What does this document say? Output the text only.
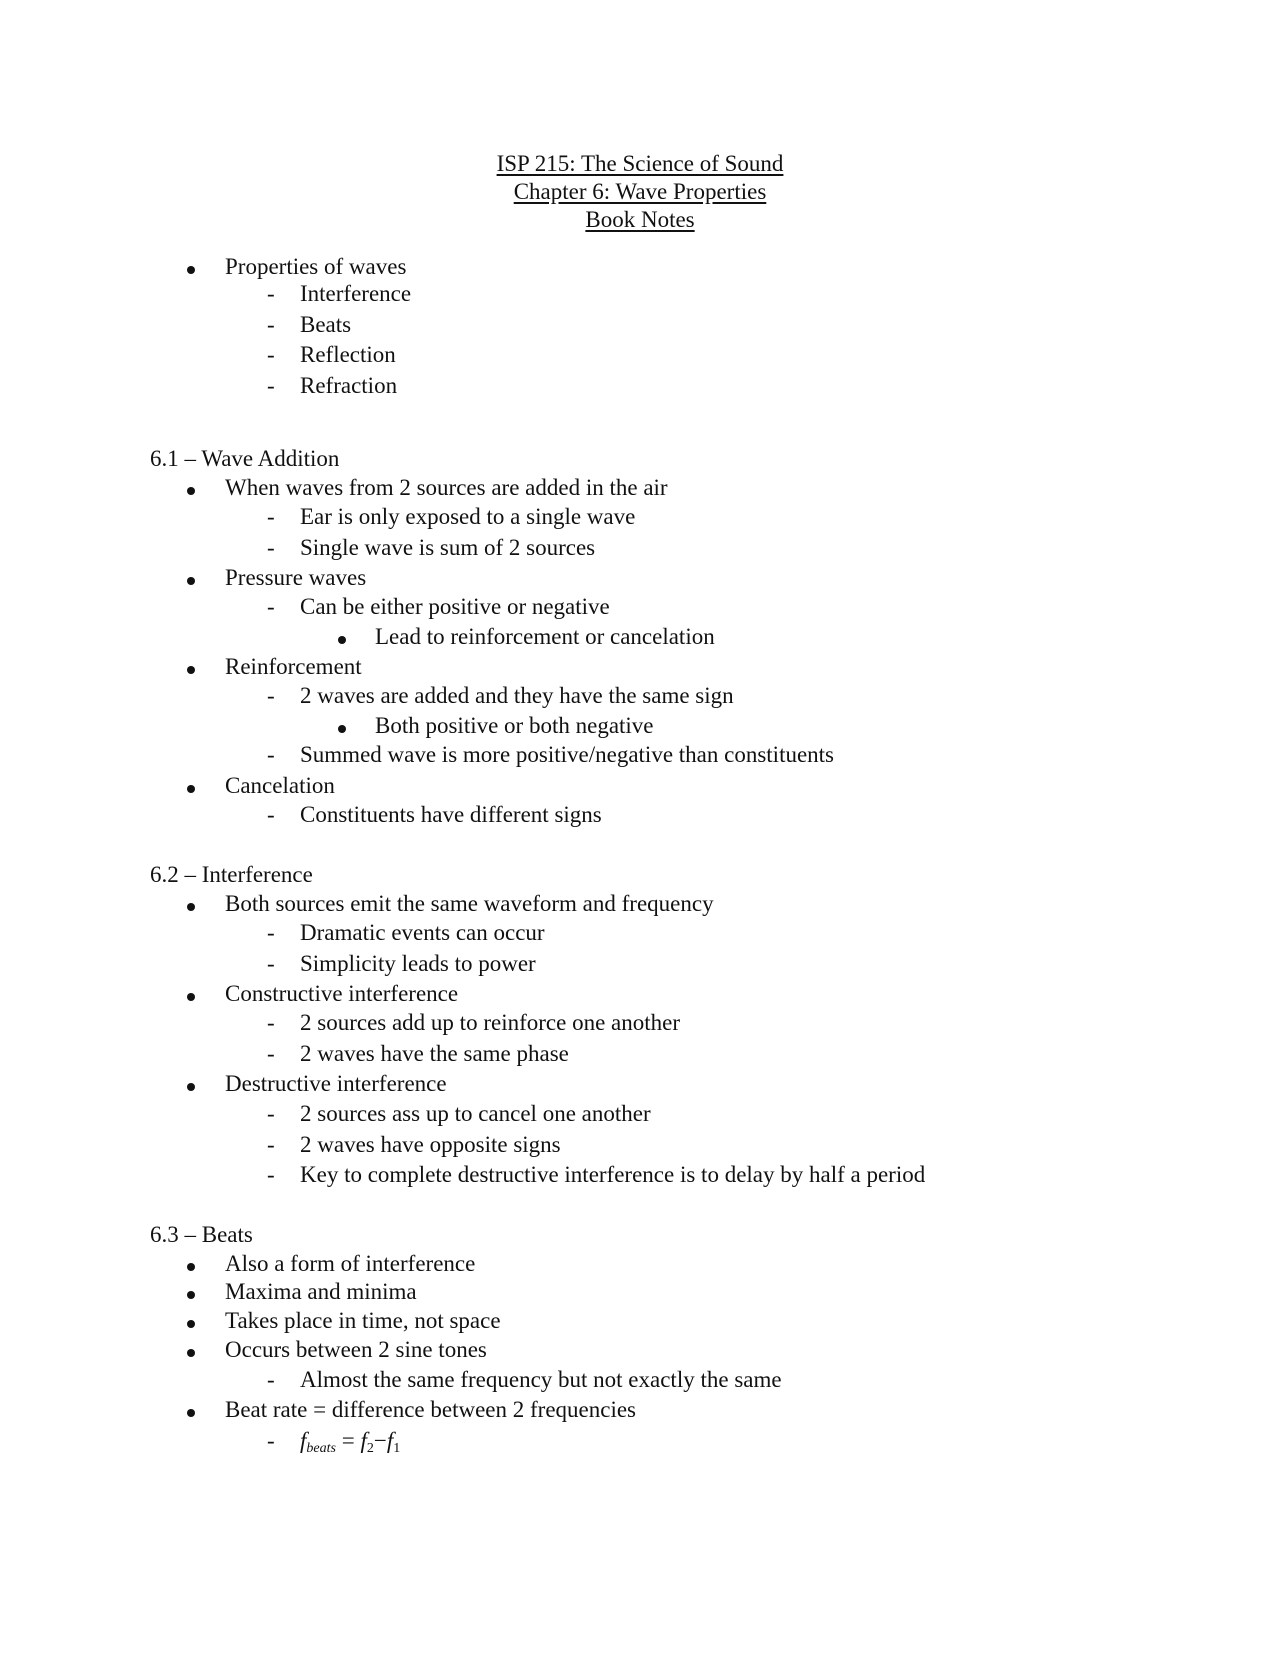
ISP 215: The Science of Sound
Chapter 6: Wave Properties
Book Notes
Properties of waves
- Interference
- Beats
- Reflection
- Refraction
6.1 – Wave Addition
When waves from 2 sources are added in the air
- Ear is only exposed to a single wave
- Single wave is sum of 2 sources
Pressure waves
- Can be either positive or negative
Lead to reinforcement or cancelation
Reinforcement
- 2 waves are added and they have the same sign
Both positive or both negative
- Summed wave is more positive/negative than constituents
Cancelation
- Constituents have different signs
6.2 – Interference
Both sources emit the same waveform and frequency
- Dramatic events can occur
- Simplicity leads to power
Constructive interference
- 2 sources add up to reinforce one another
- 2 waves have the same phase
Destructive interference
- 2 sources ass up to cancel one another
- 2 waves have opposite signs
- Key to complete destructive interference is to delay by half a period
6.3 – Beats
Also a form of interference
Maxima and minima
Takes place in time, not space
Occurs between 2 sine tones
- Almost the same frequency but not exactly the same
Beat rate = difference between 2 frequencies
- $f_{beats} = f_2-f_1$
